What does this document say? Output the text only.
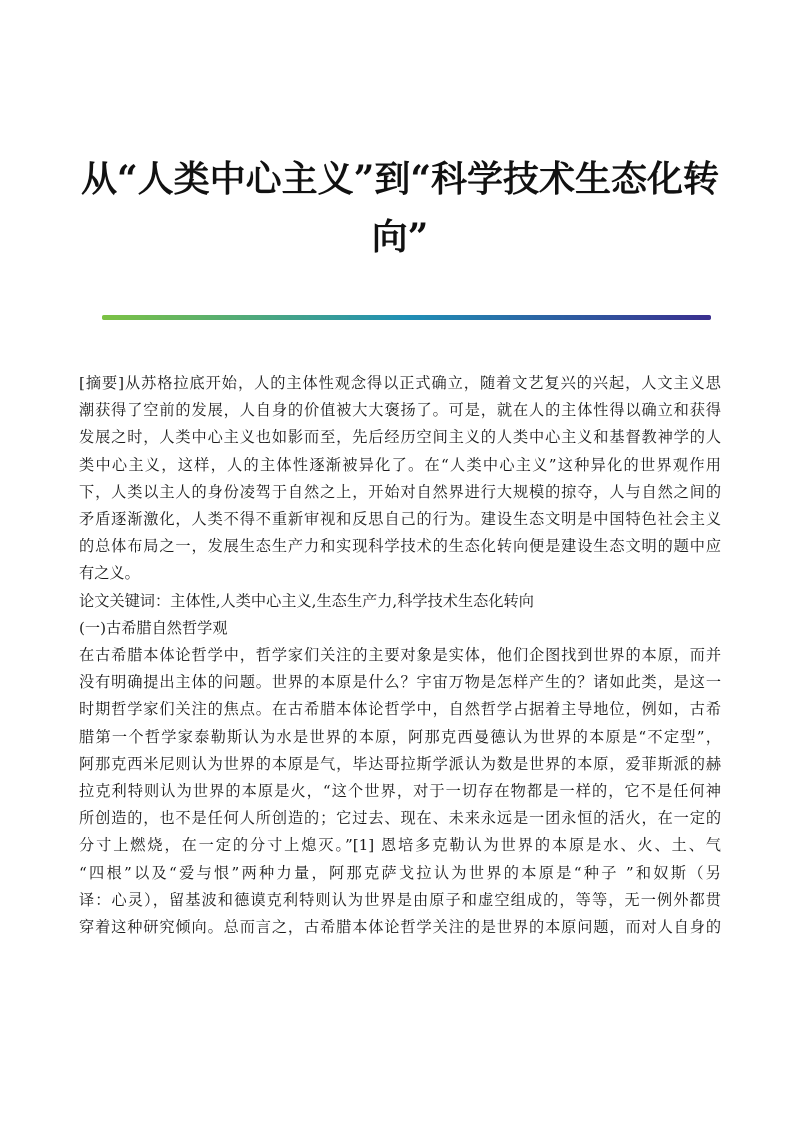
从“人类中心主义”到“科学技术生态化转
向”

[摘要]从苏格拉底开始，人的主体性观念得以正式确立，随着文艺复兴的兴起，人文主义思
潮获得了空前的发展，人自身的价值被大大褒扬了。可是，就在人的主体性得以确立和获得
发展之时，人类中心主义也如影而至，先后经历空间主义的人类中心主义和基督教神学的人
类中心主义，这样，人的主体性逐渐被异化了。在“人类中心主义”这种异化的世界观作用
下，人类以主人的身份凌驾于自然之上，开始对自然界进行大规模的掠夺，人与自然之间的
矛盾逐渐激化，人类不得不重新审视和反思自己的行为。建设生态文明是中国特色社会主义
的总体布局之一，发展生态生产力和实现科学技术的生态化转向便是建设生态文明的题中应
有之义。

论文关键词：主体性,人类中心主义,生态生产力,科学技术生态化转向

(一)古希腊自然哲学观

在古希腊本体论哲学中，哲学家们关注的主要对象是实体，他们企图找到世界的本原，而并
没有明确提出主体的问题。世界的本原是什么？宇宙万物是怎样产生的？诸如此类，是这一
时期哲学家们关注的焦点。在古希腊本体论哲学中，自然哲学占据着主导地位，例如，古希
腊第一个哲学家泰勒斯认为水是世界的本原，阿那克西曼德认为世界的本原是“不定型”，
阿那克西米尼则认为世界的本原是气，毕达哥拉斯学派认为数是世界的本原，爱菲斯派的赫
拉克利特则认为世界的本原是火，“这个世界，对于一切存在物都是一样的，它不是任何神
所创造的，也不是任何人所创造的；它过去、现在、未来永远是一团永恒的活火，在一定的
分寸上燃烧，在一定的分寸上熄灭。”[1] 恩培多克勒认为世界的本原是水、火、土、气
“四根”以及“爱与恨”两种力量，阿那克萨戈拉认为世界的本原是“种子 ”和奴斯（另
译：心灵），留基波和德谟克利特则认为世界是由原子和虚空组成的，等等，无一例外都贯
穿着这种研究倾向。总而言之，古希腊本体论哲学关注的是世界的本原问题，而对人自身的
